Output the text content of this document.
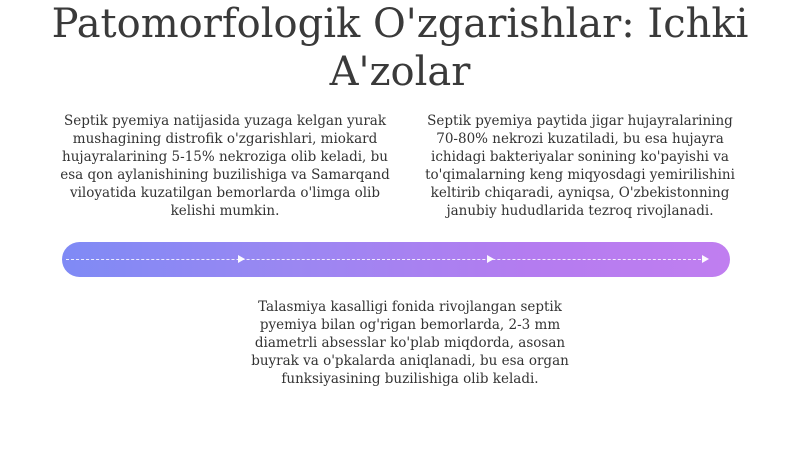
Patomorfologik O'zgarishlar: Ichki A'zolar
Septik pyemiya natijasida yuzaga kelgan yurak mushagining distrofik o'zgarishlari, miokard hujayralarining 5-15% nekroziga olib keladi, bu esa qon aylanishining buzilishiga va Samarqand viloyatida kuzatilgan bemorlarda o'limga olib kelishi mumkin.
Septik pyemiya paytida jigar hujayralarining 70-80% nekrozi kuzatiladi, bu esa hujayra ichidagi bakteriyalar sonining ko'payishi va to'qimalarning keng miqyosdagi yemirilishini keltirib chiqaradi, ayniqsa, O'zbekistonning janubiy hududlarida tezroq rivojlanadi.
Talasmiya kasalligi fonida rivojlangan septik pyemiya bilan og'rigan bemorlarda, 2-3 mm diametrli absesslar ko'plab miqdorda, asosan buyrak va o'pkalarda aniqlanadi, bu esa organ funksiyasining buzilishiga olib keladi.
